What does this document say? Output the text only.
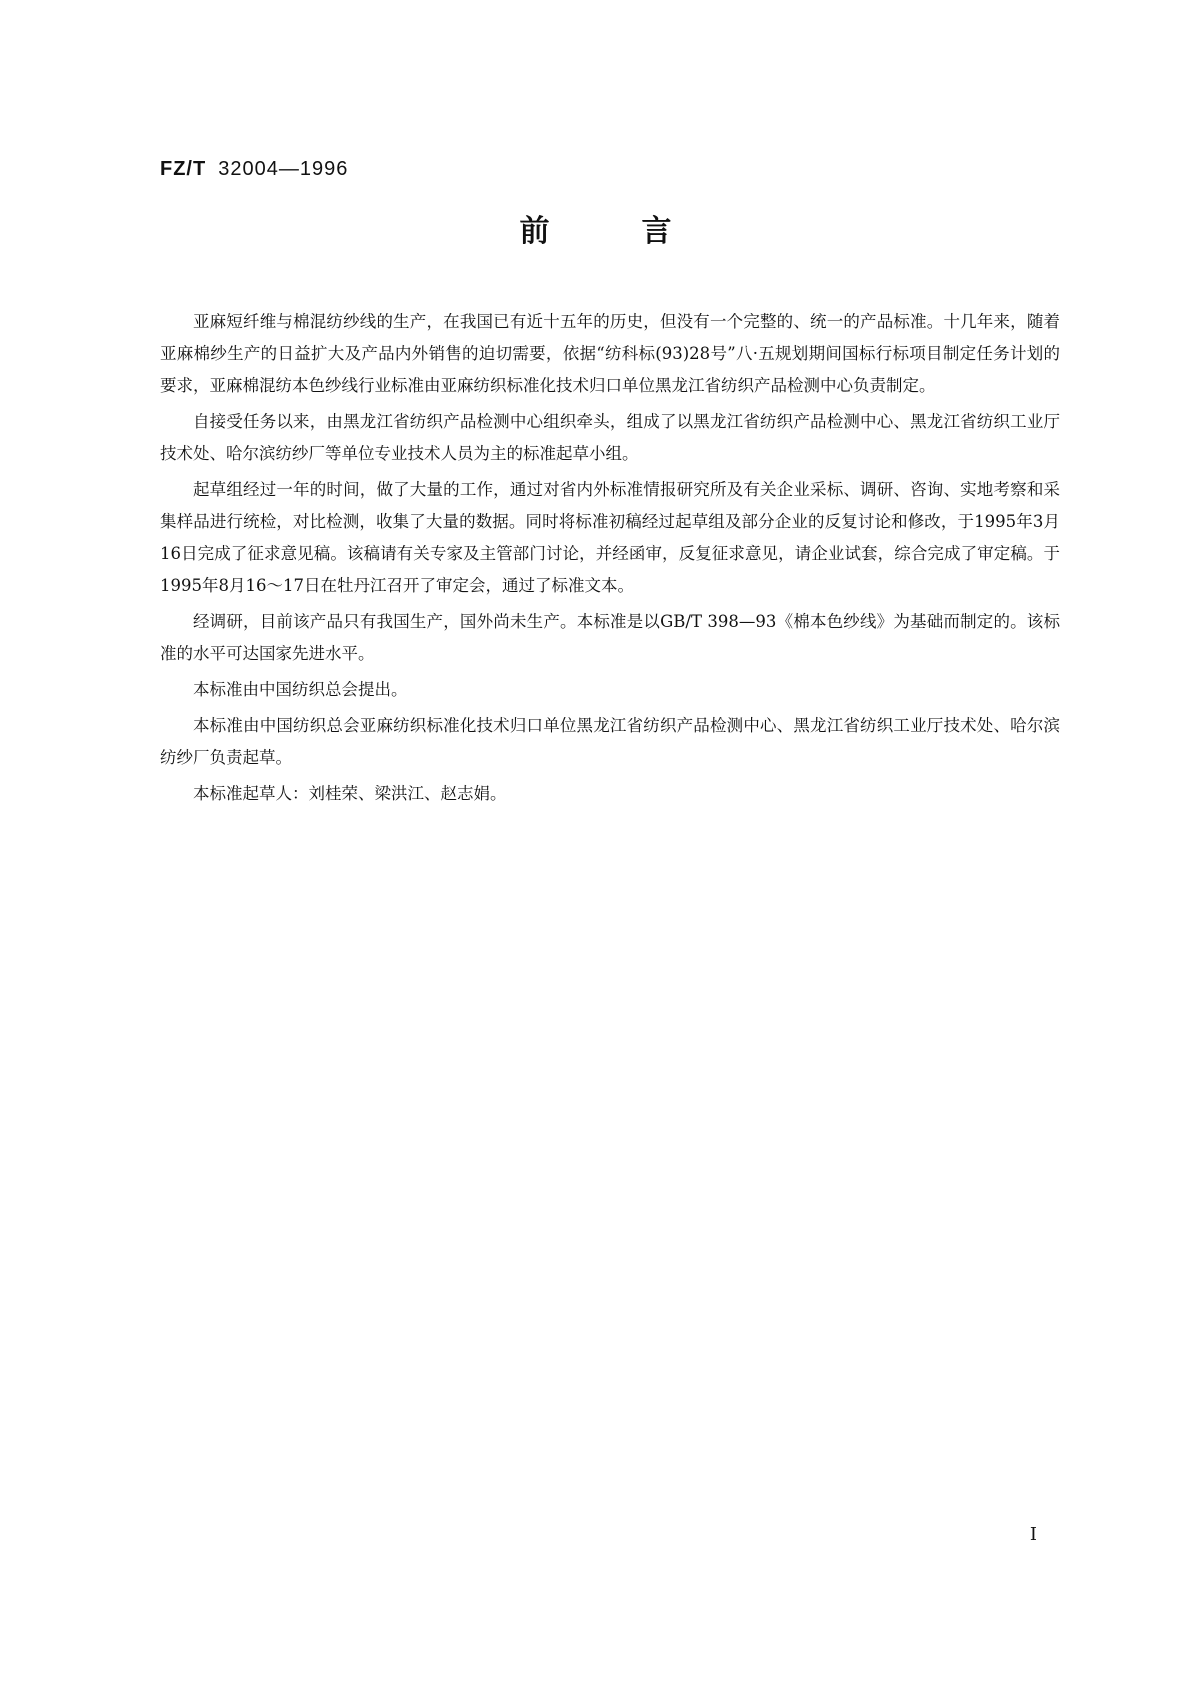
FZ/T 32004—1996
前	言

亚麻短纤维与棉混纺纱线的生产，在我国已有近十五年的历史，但没有一个完整的、统一的产品标准。十几年来，随着亚麻棉纱生产的日益扩大及产品内外销售的迫切需要，依据“纺科标(93)28号”八·五规划期间国标行标项目制定任务计划的要求，亚麻棉混纺本色纱线行业标准由亚麻纺织标准化技术归口单位黑龙江省纺织产品检测中心负责制定。

自接受任务以来，由黑龙江省纺织产品检测中心组织牵头，组成了以黑龙江省纺织产品检测中心、黑龙江省纺织工业厅技术处、哈尔滨纺纱厂等单位专业技术人员为主的标准起草小组。

起草组经过一年的时间，做了大量的工作，通过对省内外标准情报研究所及有关企业采标、调研、咨询、实地考察和采集样品进行统检，对比检测，收集了大量的数据。同时将标准初稿经过起草组及部分企业的反复讨论和修改，于1995年3月16日完成了征求意见稿。该稿请有关专家及主管部门讨论，并经函审，反复征求意见，请企业试套，综合完成了审定稿。于1995年8月16～17日在牡丹江召开了审定会，通过了标准文本。

经调研，目前该产品只有我国生产，国外尚未生产。本标准是以GB/T 398—93《棉本色纱线》为基础而制定的。该标准的水平可达国家先进水平。

本标准由中国纺织总会提出。

本标准由中国纺织总会亚麻纺织标准化技术归口单位黑龙江省纺织产品检测中心、黑龙江省纺织工业厅技术处、哈尔滨纺纱厂负责起草。

本标准起草人：刘桂荣、梁洪江、赵志娟。

I
